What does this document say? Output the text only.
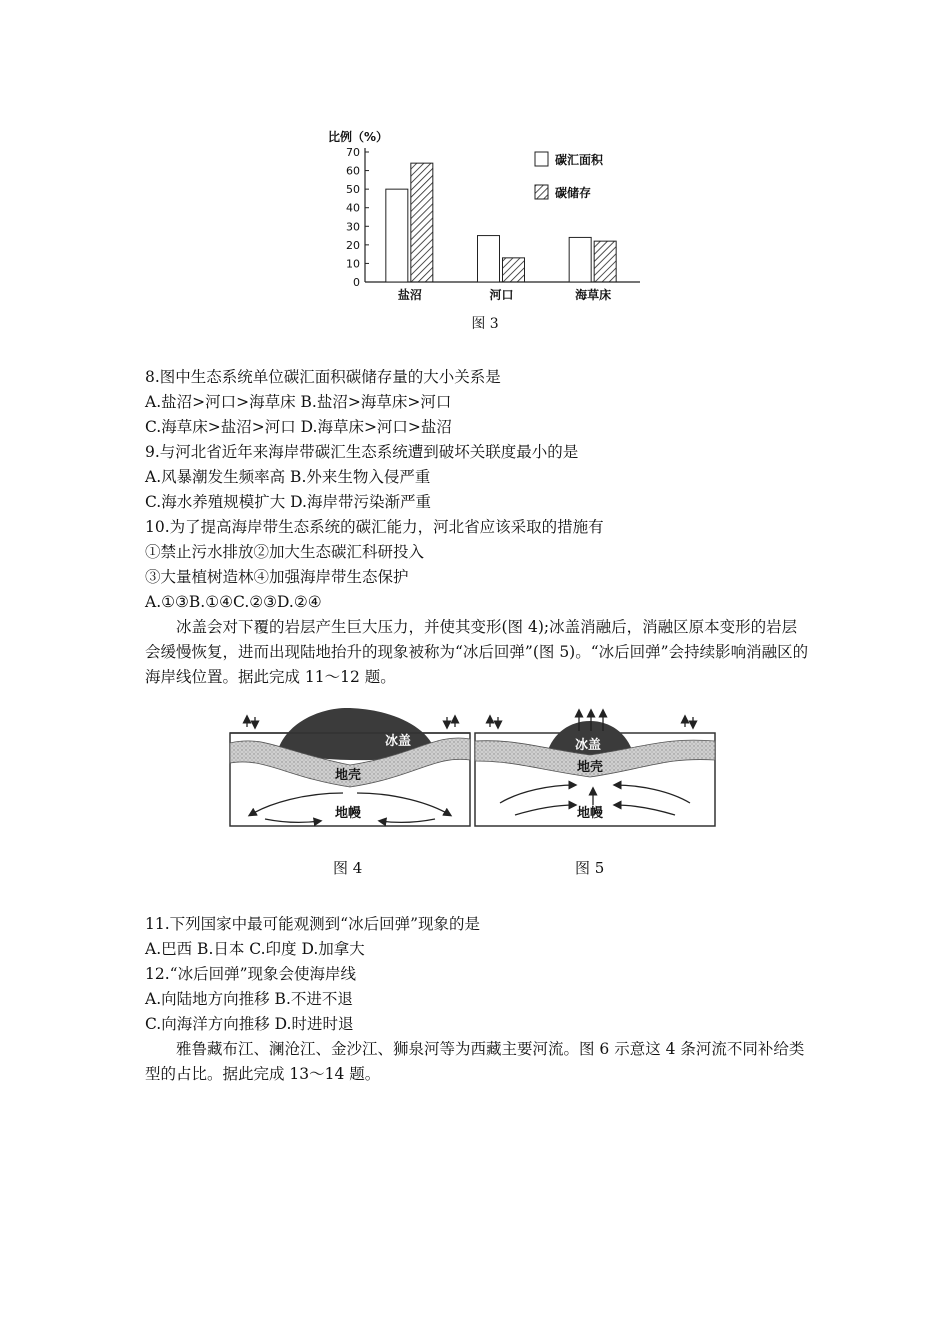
比例（%）
0
10
20
30
40
50
60
70
盐沼	河口	海草床
碳汇面积
碳储存
图 3
8.图中生态系统单位碳汇面积碳储存量的大小关系是
A.盐沼>河口>海草床 B.盐沼>海草床>河口
C.海草床>盐沼>河口 D.海草床>河口>盐沼
9.与河北省近年来海岸带碳汇生态系统遭到破坏关联度最小的是
A.风暴潮发生频率高 B.外来生物入侵严重
C.海水养殖规模扩大 D.海岸带污染渐严重
10.为了提高海岸带生态系统的碳汇能力，河北省应该采取的措施有
①禁止污水排放②加大生态碳汇科研投入
③大量植树造林④加强海岸带生态保护
A.①③B.①④C.②③D.②④
冰盖会对下覆的岩层产生巨大压力，并使其变形(图 4);冰盖消融后，消融区原本变形的岩层会缓慢恢复，进而出现陆地抬升的现象被称为“冰后回弹”(图 5)。“冰后回弹”会持续影响消融区的海岸线位置。据此完成 11～12 题。
冰盖
地壳
地幔
图 4
冰盖
地壳
地幔
图 5
11.下列国家中最可能观测到“冰后回弹”现象的是
A.巴西 B.日本 C.印度 D.加拿大
12.“冰后回弹”现象会使海岸线
A.向陆地方向推移 B.不进不退
C.向海洋方向推移 D.时进时退
雅鲁藏布江、澜沧江、金沙江、狮泉河等为西藏主要河流。图 6 示意这 4 条河流不同补给类型的占比。据此完成 13～14 题。
